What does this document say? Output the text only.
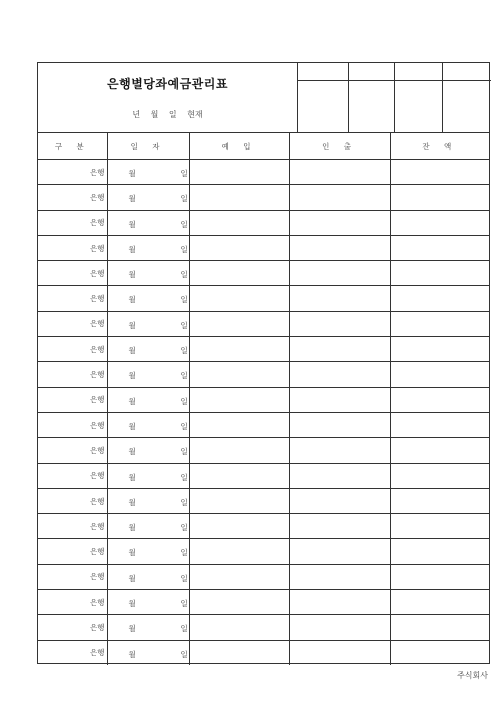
은행별당좌예금관리표
년 월 일 현재

구 분	일 자	예 입	인 출	잔 액
은행	월 일			

은행	월 일			

은행	월 일			

은행	월 일			

은행	월 일			

은행	월 일			

은행	월 일			

은행	월 일			

은행	월 일			

은행	월 일			

은행	월 일			

은행	월 일			

은행	월 일			

은행	월 일			

은행	월 일			

은행	월 일			

은행	월 일			

은행	월 일			

은행	월 일			

은행	월 일			

주식회사
